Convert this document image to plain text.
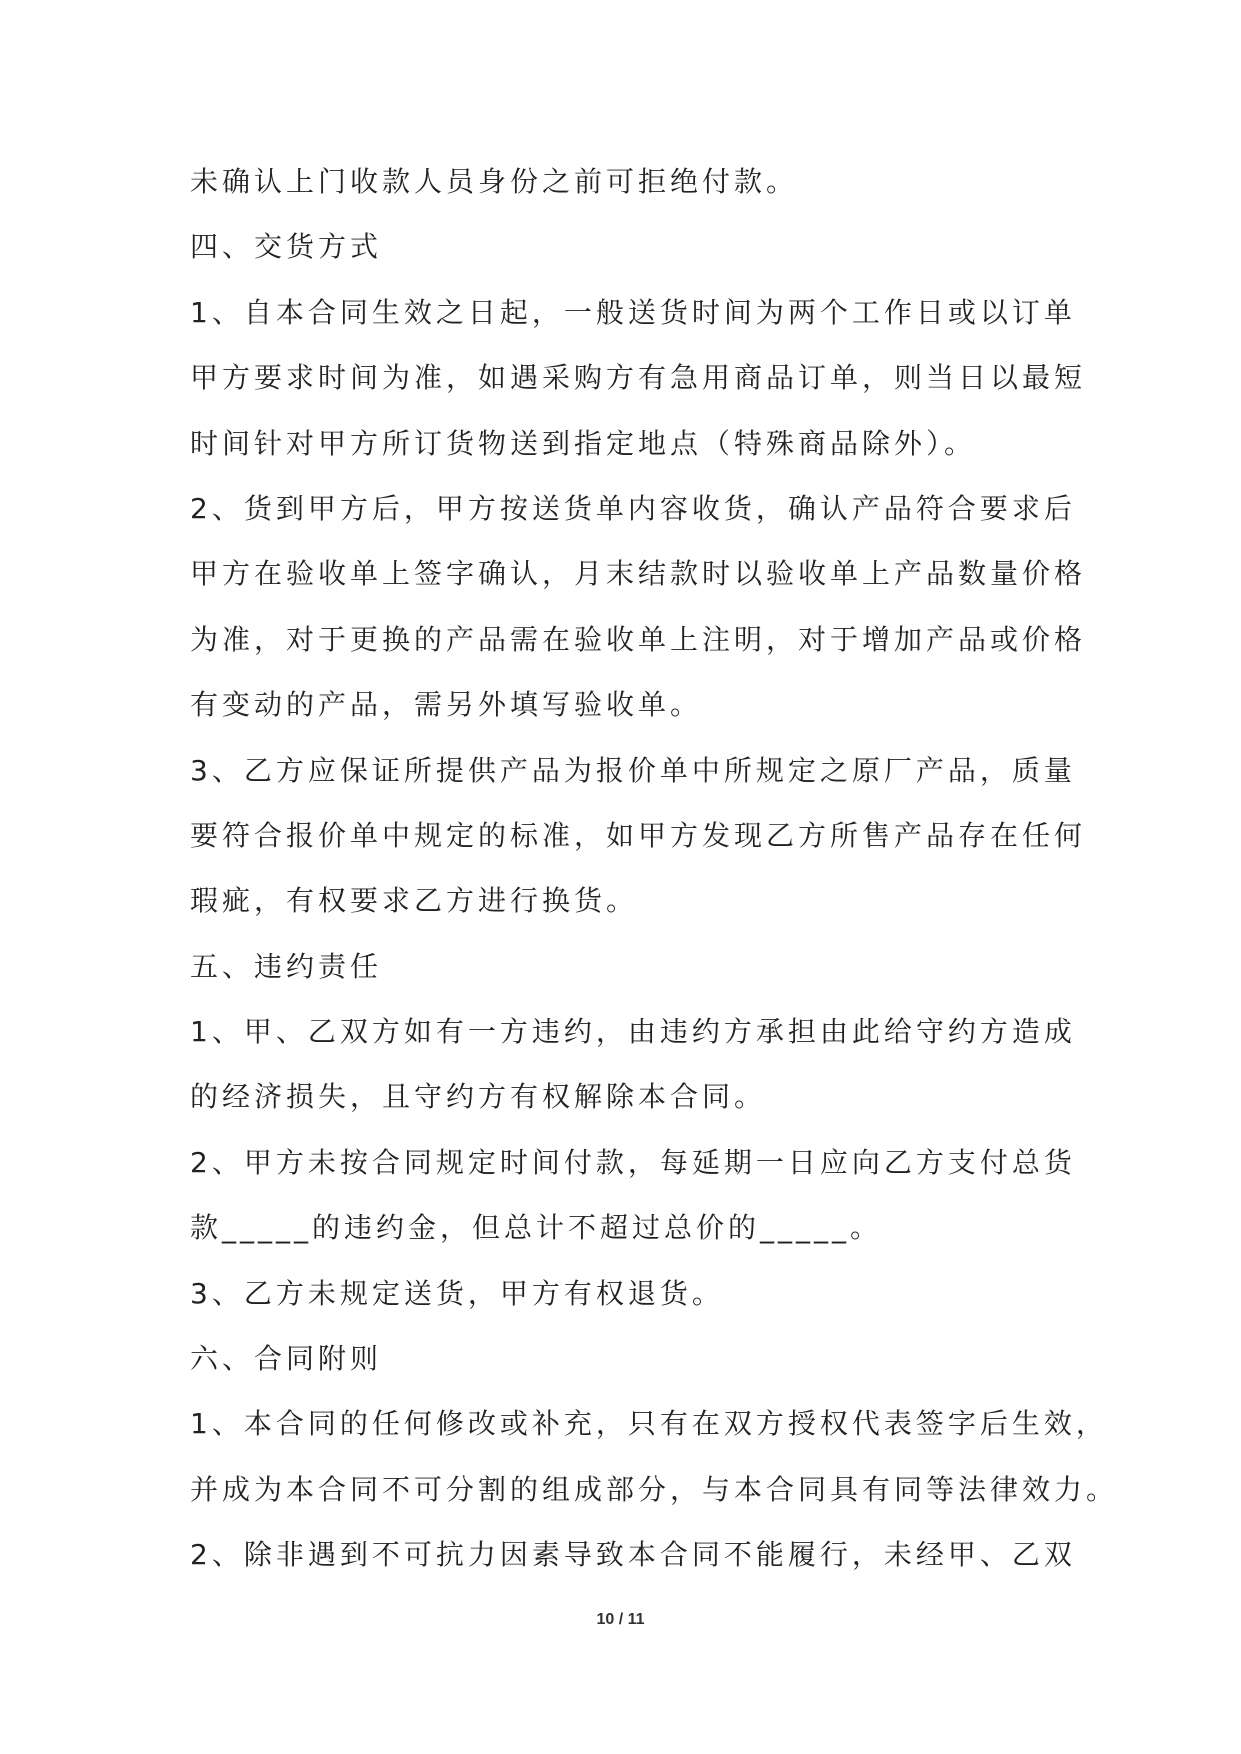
未确认上门收款人员身份之前可拒绝付款。
四、交货方式
1、自本合同生效之日起，一般送货时间为两个工作日或以订单
甲方要求时间为准，如遇采购方有急用商品订单，则当日以最短
时间针对甲方所订货物送到指定地点（特殊商品除外）。
2、货到甲方后，甲方按送货单内容收货，确认产品符合要求后
甲方在验收单上签字确认，月末结款时以验收单上产品数量价格
为准，对于更换的产品需在验收单上注明，对于增加产品或价格
有变动的产品，需另外填写验收单。
3、乙方应保证所提供产品为报价单中所规定之原厂产品，质量
要符合报价单中规定的标准，如甲方发现乙方所售产品存在任何
瑕疵，有权要求乙方进行换货。
五、违约责任
1、甲、乙双方如有一方违约，由违约方承担由此给守约方造成
的经济损失，且守约方有权解除本合同。
2、甲方未按合同规定时间付款，每延期一日应向乙方支付总货
款_____的违约金，但总计不超过总价的_____。
3、乙方未规定送货，甲方有权退货。
六、合同附则
1、本合同的任何修改或补充，只有在双方授权代表签字后生效，
并成为本合同不可分割的组成部分，与本合同具有同等法律效力。
2、除非遇到不可抗力因素导致本合同不能履行，未经甲、乙双
10 / 11
